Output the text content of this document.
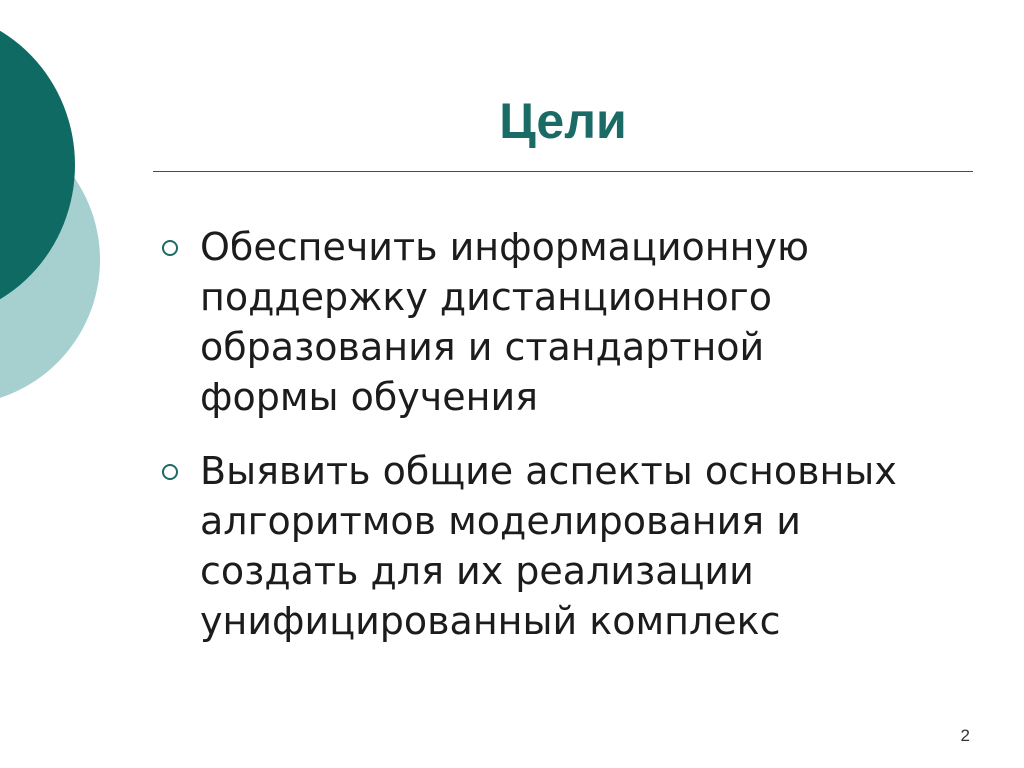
Цели
Обеспечить информационную
поддержку дистанционного
образования и стандартной
формы обучения
Выявить общие аспекты основных
алгоритмов моделирования и
создать для их реализации
унифицированный комплекс
2
